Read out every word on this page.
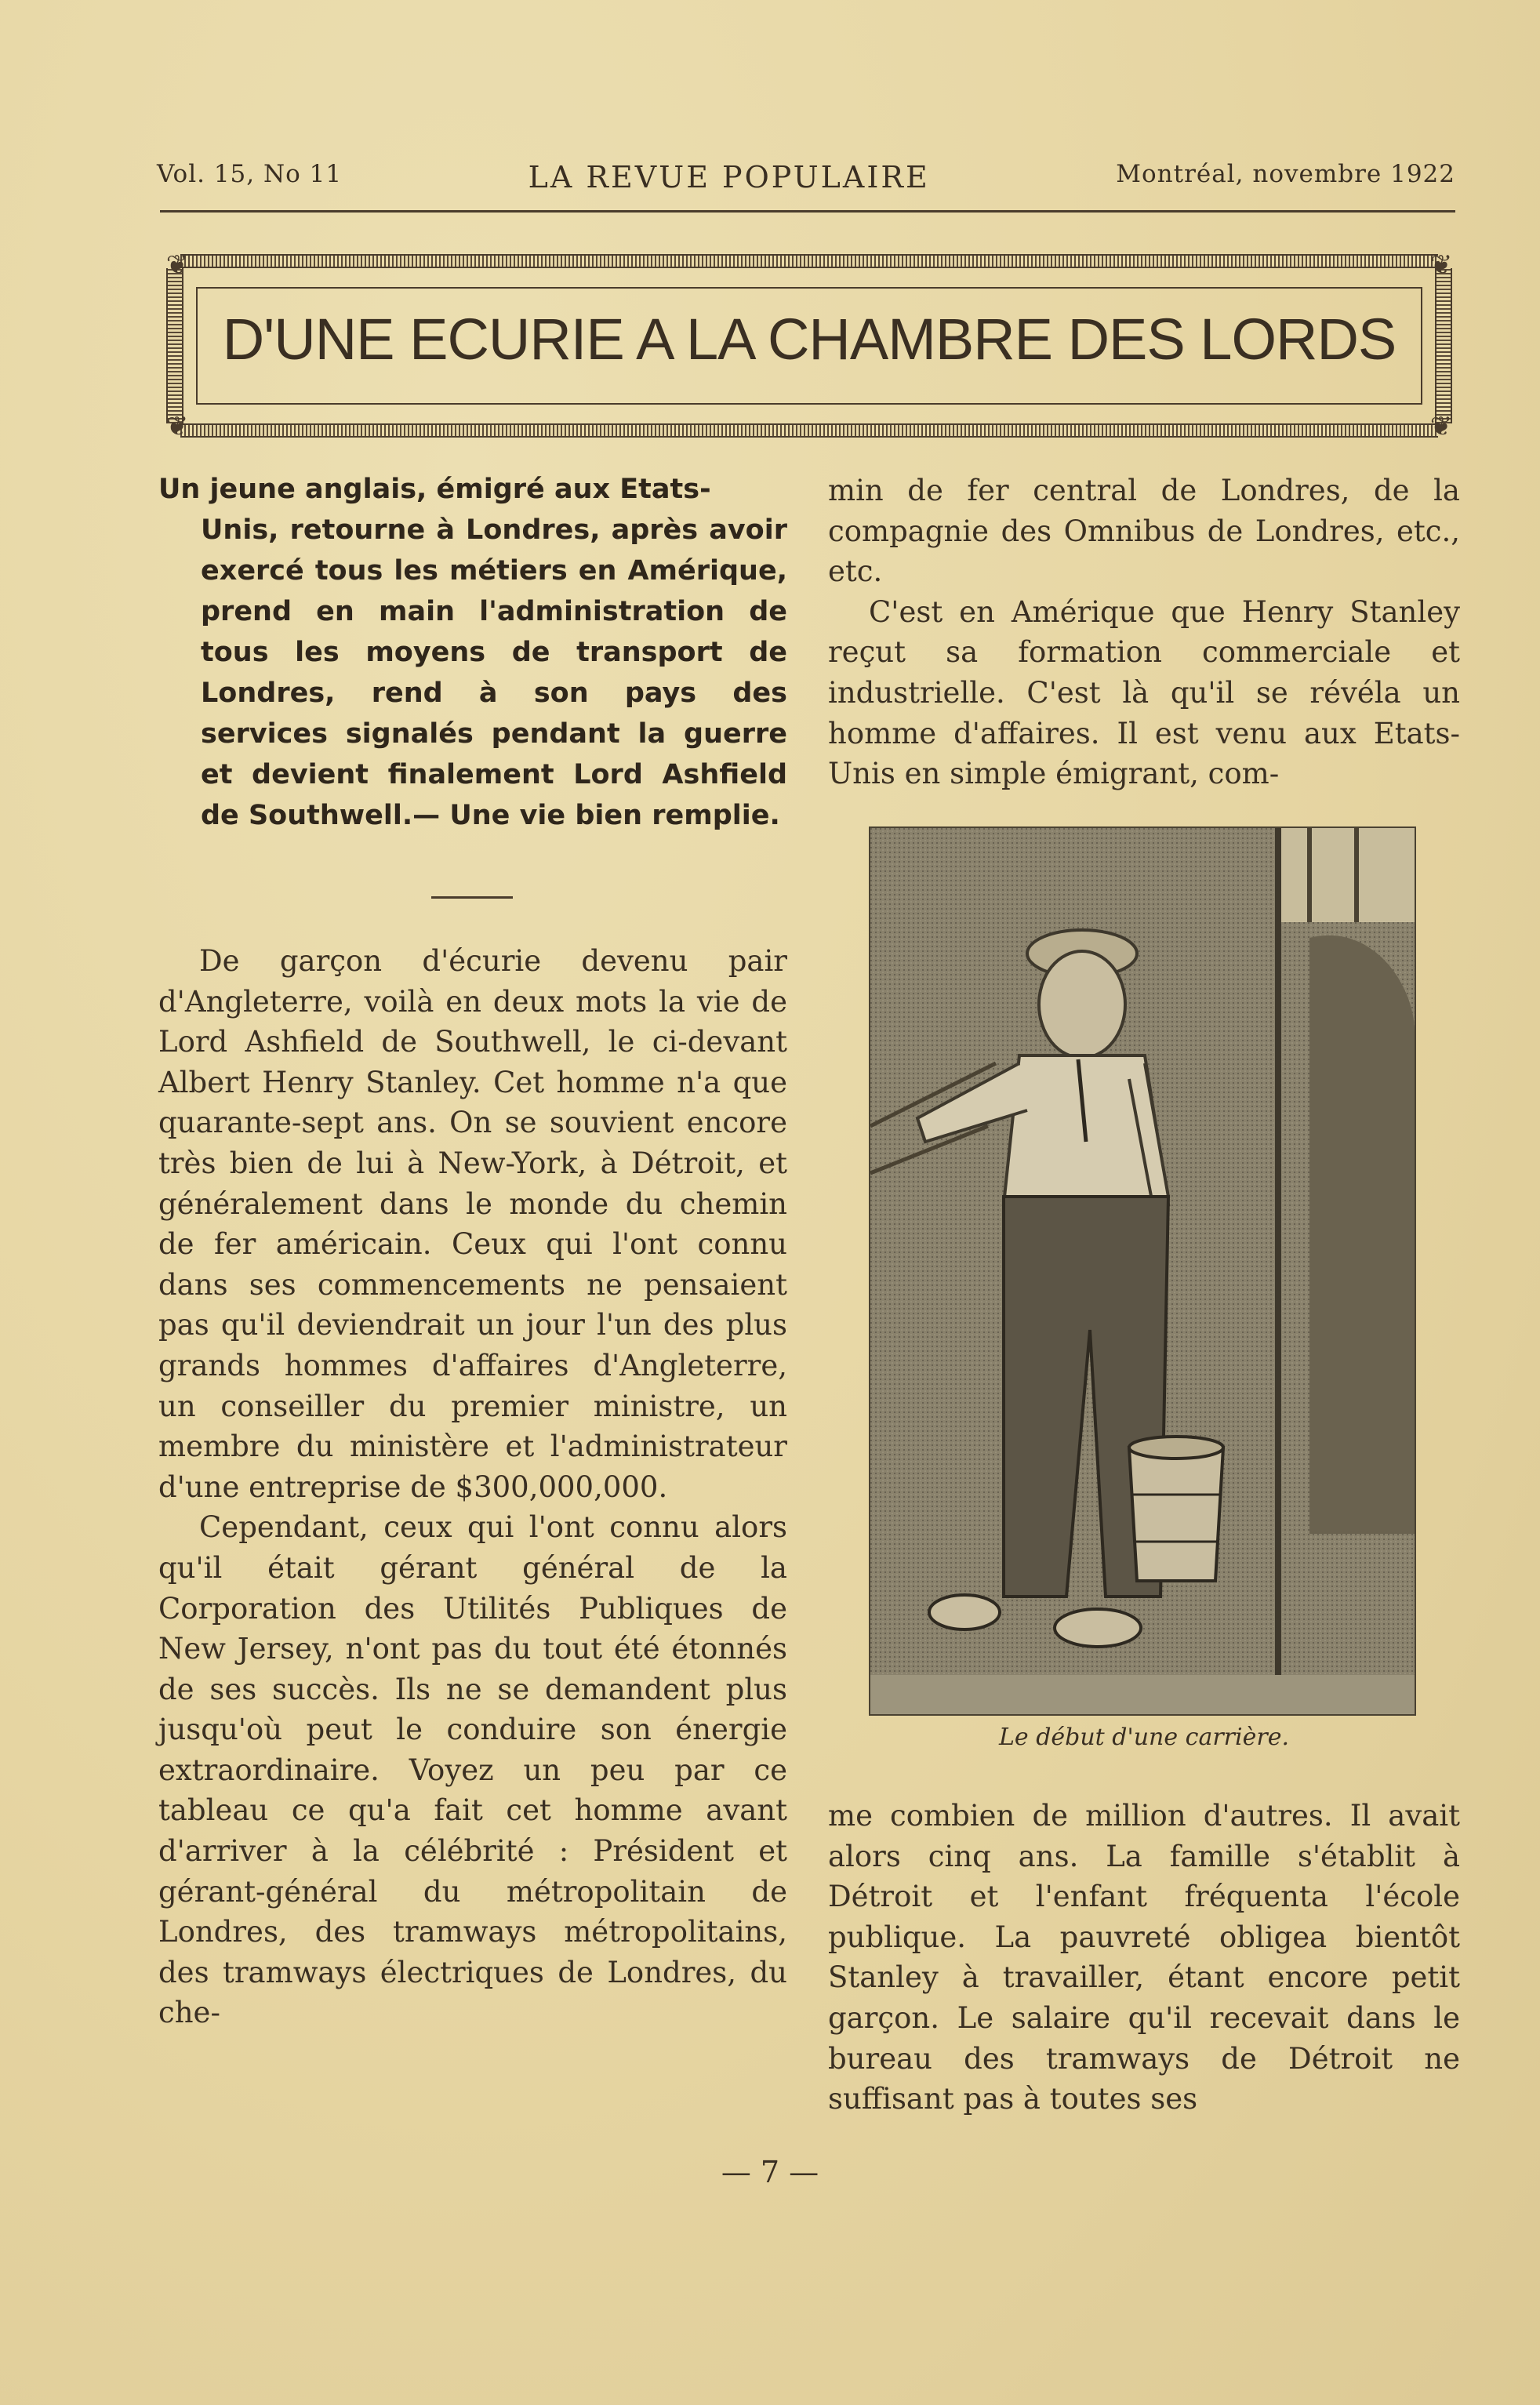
Vol. 15, No 11	LA REVUE POPULAIRE	Montréal, novembre 1922
❦	❦
❦	❦
D'UNE ECURIE A LA CHAMBRE DES LORDS
Un jeune anglais, émigré aux Etats-
Unis, retourne à Londres, après avoir exercé tous les métiers en Amérique, prend en main l'administration de tous les moyens de transport de Londres, rend à son pays des services signalés pendant la guerre et devient finalement Lord Ashfield de Southwell.— Une vie bien remplie.

De garçon d'écurie devenu pair d'Angleterre, voilà en deux mots la vie de Lord Ashfield de Southwell, le ci-devant Albert Henry Stanley. Cet homme n'a que quarante-sept ans. On se souvient encore très bien de lui à New-York, à Détroit, et généralement dans le monde du chemin de fer américain. Ceux qui l'ont connu dans ses commencements ne pensaient pas qu'il deviendrait un jour l'un des plus grands hommes d'affaires d'Angleterre, un conseiller du premier ministre, un membre du ministère et l'administrateur d'une entreprise de $300,000,000.

Cependant, ceux qui l'ont connu alors qu'il était gérant général de la Corporation des Utilités Publiques de New Jersey, n'ont pas du tout été étonnés de ses succès. Ils ne se demandent plus jusqu'où peut le conduire son énergie extraordinaire. Voyez un peu par ce tableau ce qu'a fait cet homme avant d'arriver à la célébrité : Président et gérant-général du métropolitain de Londres, des tramways métropolitains, des tramways électriques de Londres, du che-

min de fer central de Londres, de la compagnie des Omnibus de Londres, etc., etc.

C'est en Amérique que Henry Stanley reçut sa formation commerciale et industrielle. C'est là qu'il se révéla un homme d'affaires. Il est venu aux Etats-Unis en simple émigrant, com-

Le début d'une carrière.

me combien de million d'autres. Il avait alors cinq ans. La famille s'établit à Détroit et l'enfant fréquenta l'école publique. La pauvreté obligea bientôt Stanley à travailler, étant encore petit garçon. Le salaire qu'il recevait dans le bureau des tramways de Détroit ne suffisant pas à toutes ses

— 7 —
